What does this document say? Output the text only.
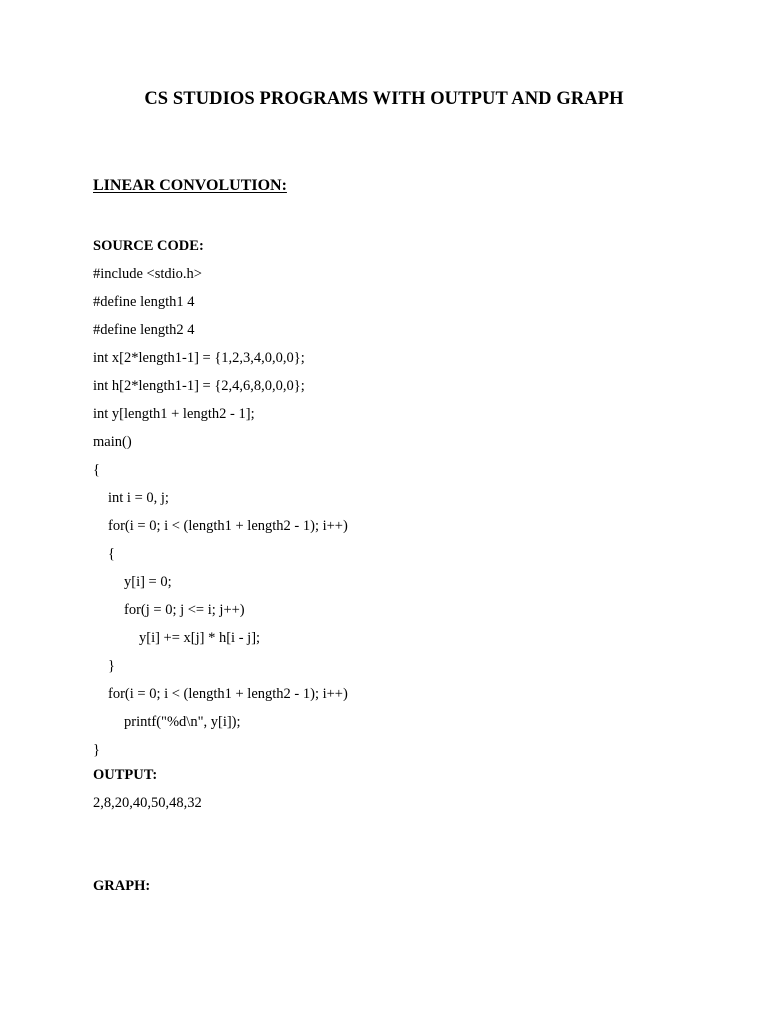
CS STUDIOS PROGRAMS WITH OUTPUT AND GRAPH
LINEAR CONVOLUTION:
SOURCE CODE:
#include <stdio.h>
#define length1 4
#define length2 4
int x[2*length1-1] = {1,2,3,4,0,0,0};
int h[2*length1-1] = {2,4,6,8,0,0,0};
int y[length1 + length2 - 1];
main()
{
int i = 0, j;
for(i = 0; i < (length1 + length2 - 1); i++)
{
y[i] = 0;
for(j = 0; j <= i; j++)
y[i] += x[j] * h[i - j];
}
for(i = 0; i < (length1 + length2 - 1); i++)
printf("%d\n", y[i]);
}
OUTPUT:
2,8,20,40,50,48,32
GRAPH:
